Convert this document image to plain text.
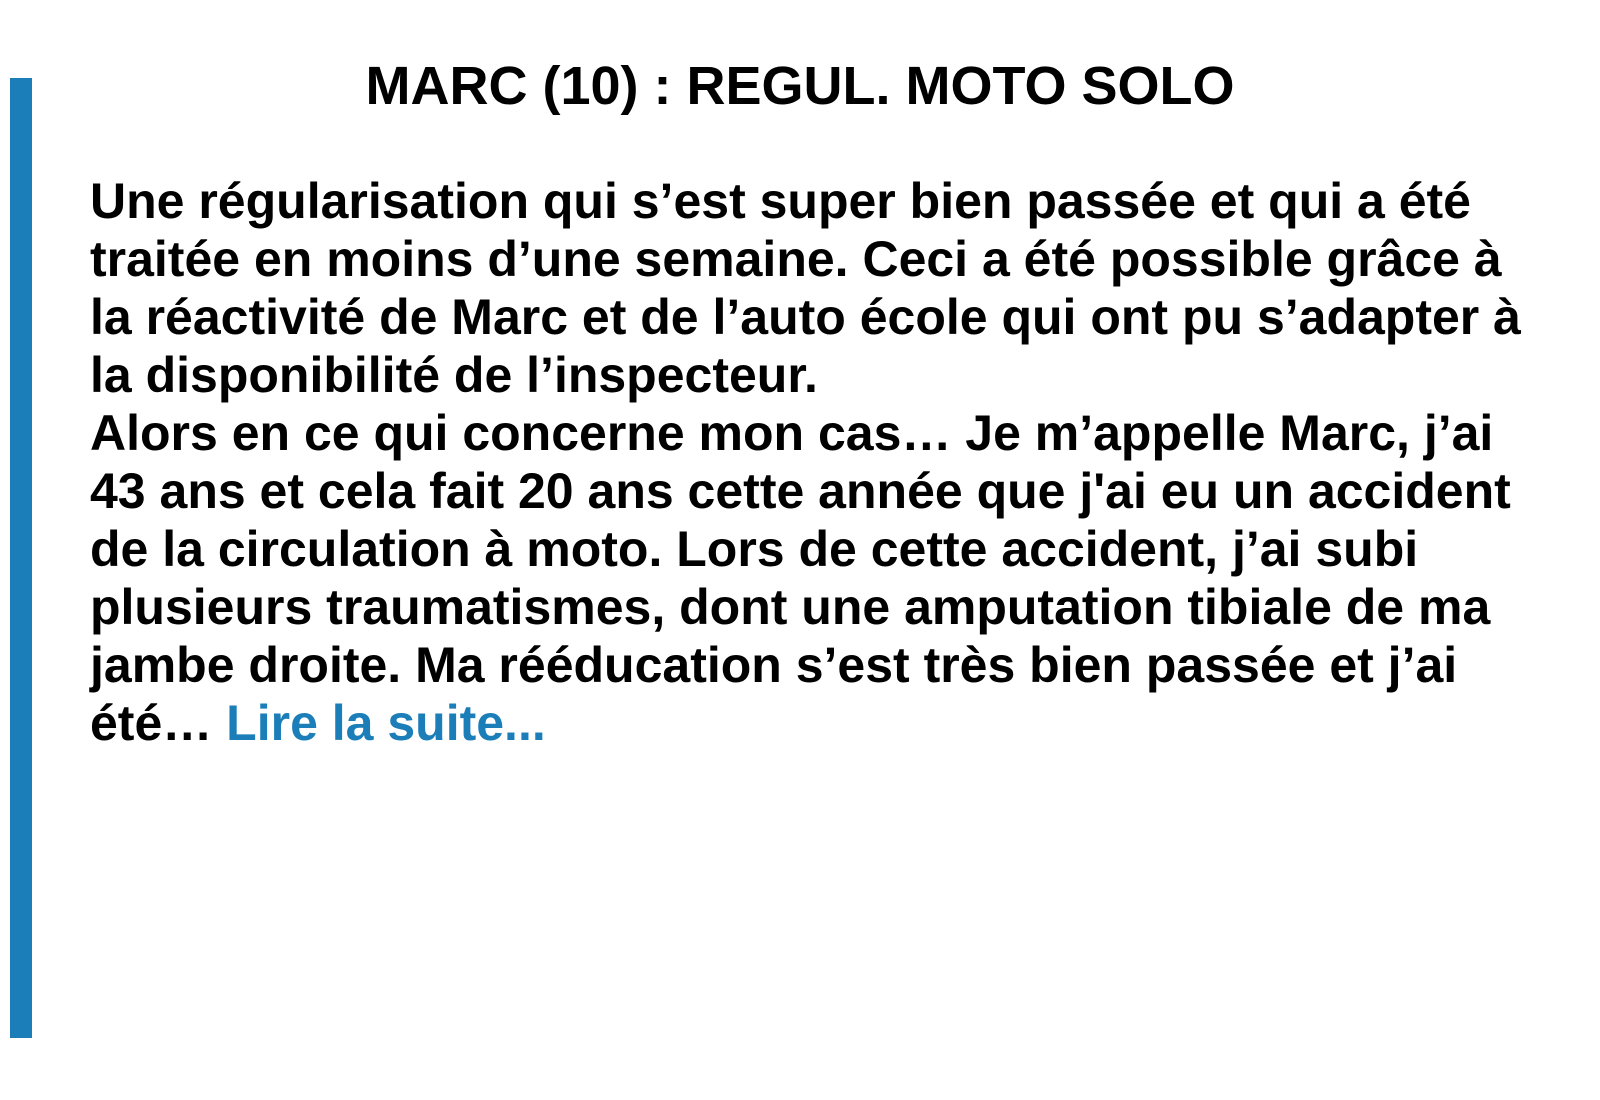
MARC (10) : REGUL. MOTO SOLO

Une régularisation qui s’est super bien passée et qui a été traitée en moins d’une semaine. Ceci a été possible grâce à la réactivité de Marc et de l’auto école qui ont pu s’adapter à la disponibilité de l’inspecteur.

Alors en ce qui concerne mon cas… Je m’appelle Marc, j’ai 43 ans et cela fait 20 ans cette année que j'ai eu un accident de la circulation à moto. Lors de cette accident, j’ai subi plusieurs traumatismes, dont une amputation tibiale de ma jambe droite. Ma rééducation s’est très bien passée et j’ai été… Lire la suite...
